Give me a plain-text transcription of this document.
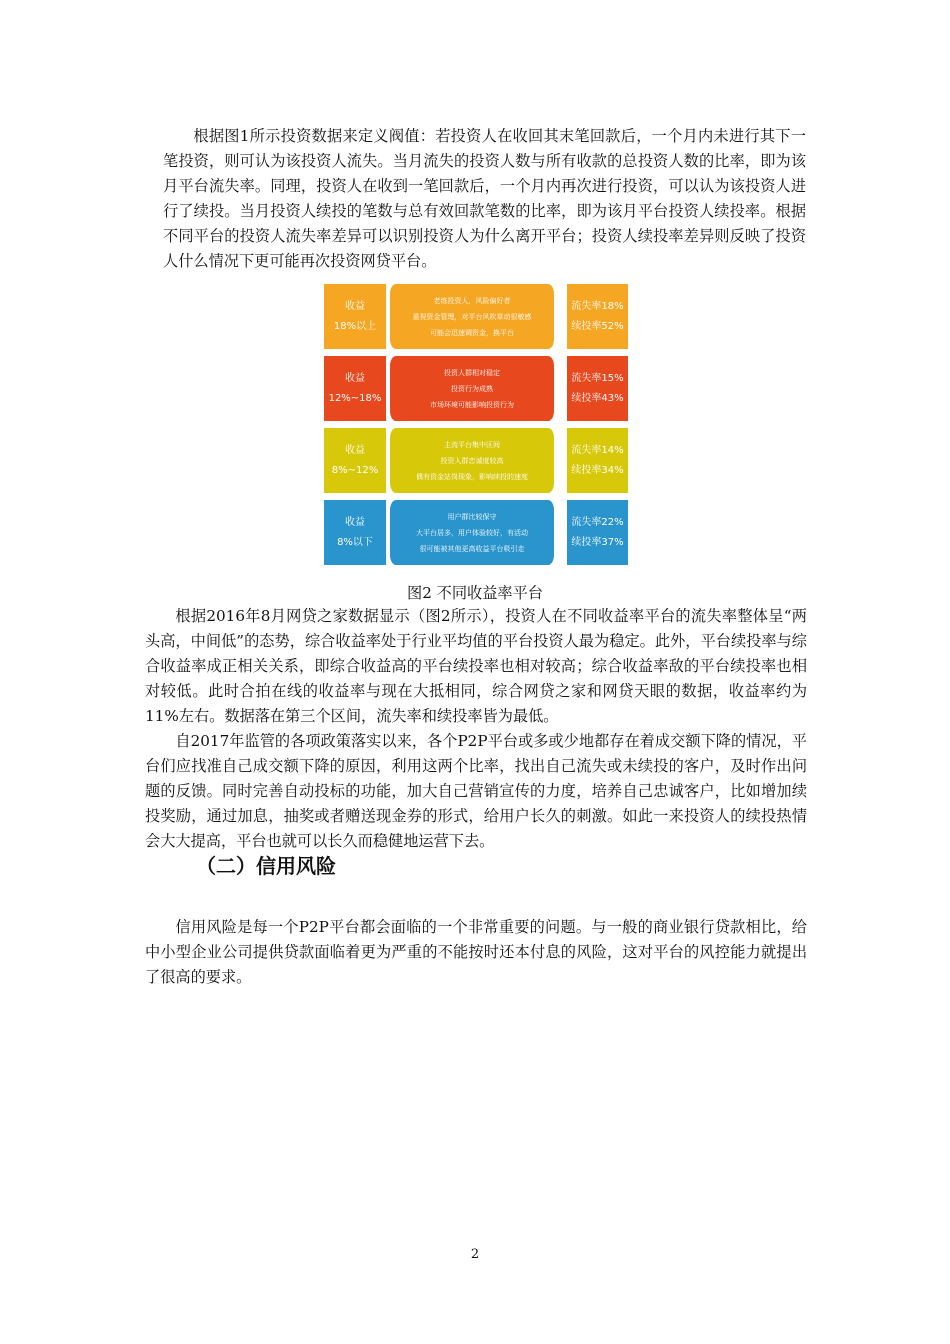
根据图1所示投资数据来定义阀值：若投资人在收回其末笔回款后，一个月内未进行其下一笔投资，则可认为该投资人流失。当月流失的投资人数与所有收款的总投资人数的比率，即为该月平台流失率。同理，投资人在收到一笔回款后，一个月内再次进行投资，可以认为该投资人进行了续投。当月投资人续投的笔数与总有效回款笔数的比率，即为该月平台投资人续投率。根据不同平台的投资人流失率差异可以识别投资人为什么离开平台；投资人续投率差异则反映了投资人什么情况下更可能再次投资网贷平台。

收益
18%以上
老练投资人，风险偏好者
重视资金管理，对平台风吹草动很敏感
可能会迅速调资金，换平台
流失率18%
续投率52%
收益
12%~18%
投资人群相对稳定
投资行为成熟
市场环境可能影响投资行为
流失率15%
续投率43%
收益
8%~12%
主流平台集中区间
投资人群忠诚度较高
偶有资金站岗现象，影响续投的速度
流失率14%
续投率34%
收益
8%以下
用户群比较保守
大平台居多，用户体验较好，有活动
很可能被其他更高收益平台吸引走
流失率22%
续投率37%

图2 不同收益率平台

根据2016年8月网贷之家数据显示（图2所示），投资人在不同收益率平台的流失率整体呈“两头高，中间低”的态势，综合收益率处于行业平均值的平台投资人最为稳定。此外，平台续投率与综合收益率成正相关关系，即综合收益高的平台续投率也相对较高；综合收益率敌的平台续投率也相对较低。此时合拍在线的收益率与现在大抵相同，综合网贷之家和网贷天眼的数据，收益率约为11%左右。数据落在第三个区间，流失率和续投率皆为最低。

自2017年监管的各项政策落实以来，各个P2P平台或多或少地都存在着成交额下降的情况，平台们应找准自己成交额下降的原因，利用这两个比率，找出自己流失或未续投的客户，及时作出问题的反馈。同时完善自动投标的功能，加大自己营销宣传的力度，培养自己忠诚客户，比如增加续投奖励，通过加息，抽奖或者赠送现金券的形式，给用户长久的刺激。如此一来投资人的续投热情会大大提高，平台也就可以长久而稳健地运营下去。

（二）信用风险

信用风险是每一个P2P平台都会面临的一个非常重要的问题。与一般的商业银行贷款相比，给中小型企业公司提供贷款面临着更为严重的不能按时还本付息的风险，这对平台的风控能力就提出了很高的要求。

2
